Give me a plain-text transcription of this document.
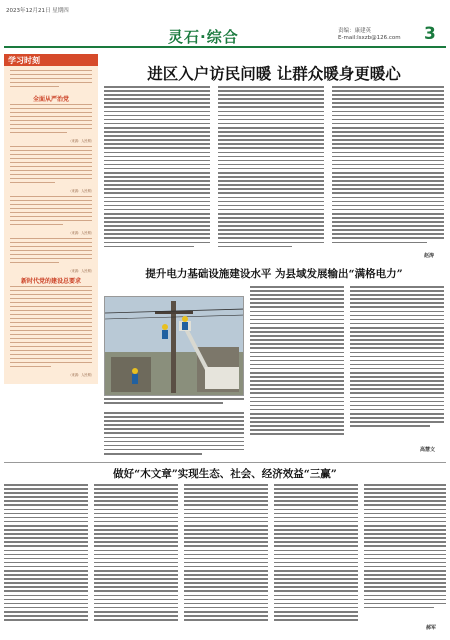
2023年12月21日 星期四
灵石·综合	责编：康建英
E-mail:lsxzb@126.com 3
学习时刻
全面从严治党
（来源：人民网）
（来源：人民网）
（来源：人民网）
（来源：人民网）
新时代党的建设总要求
（来源：人民网）
进区入户访民问暖 让群众暖身更暖心
赵涛
提升电力基础设施建设水平 为县域发展输出“满格电力”
高慧文
做好“木文章”实现生态、社会、经济效益“三赢”
郝军
